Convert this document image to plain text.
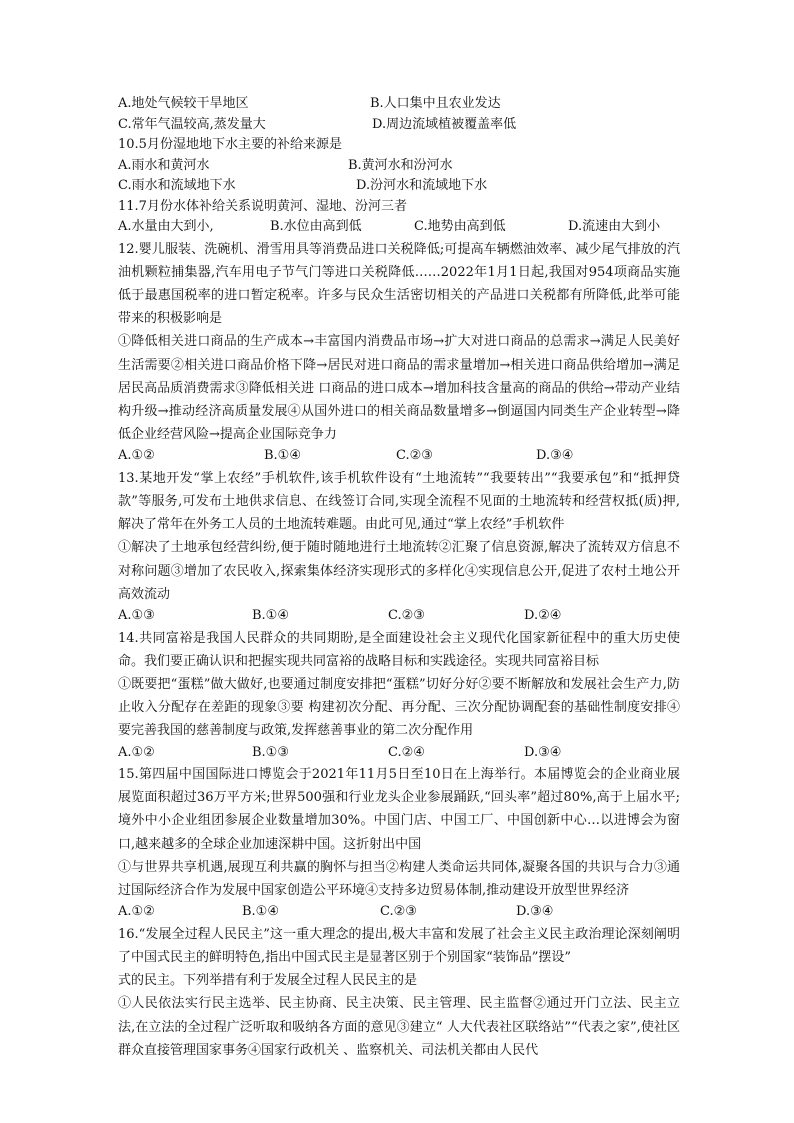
A.地处气候较干旱地区	B.人口集中且农业发达
C.常年气温较高,蒸发量大	D.周边流域植被覆盖率低
10.5月份湿地地下水主要的补给来源是
A.雨水和黄河水	B.黄河水和汾河水
C.雨水和流域地下水	D.汾河水和流域地下水
11.7月份水体补给关系说明黄河、湿地、汾河三者
A.水量由大到小,	B.水位由高到低	C.地势由高到低	D.流速由大到小
12.婴儿服装、洗碗机、滑雪用具等消费品进口关税降低;可提高车辆燃油效率、减少尾气排放的汽油机颗粒捕集器,汽车用电子节气门等进口关税降低……2022年1月1日起,我国对954项商品实施低于最惠国税率的进口暂定税率。许多与民众生活密切相关的产品进口关税都有所降低,此举可能带来的积极影响是
①降低相关进口商品的生产成本→丰富国内消费品市场→扩大对进口商品的总需求→满足人民美好生活需要②相关进口商品价格下降→居民对进口商品的需求量增加→相关进口商品供给增加→满足居民高品质消费需求③降低相关进 口商品的进口成本→增加科技含量高的商品的供给→带动产业结构升级→推动经济高质量发展④从国外进口的相关商品数量增多→倒逼国内同类生产企业转型→降低企业经营风险→提高企业国际竞争力
A.①②	B.①④	C.②③	D.③④
13.某地开发“掌上农经”手机软件,该手机软件设有“土地流转”“我要转出”“我要承包”和“抵押贷款”等服务,可发布土地供求信息、在线签订合同,实现全流程不见面的土地流转和经营权抵(质)押,解决了常年在外务工人员的土地流转难题。由此可见,通过“掌上农经”手机软件
①解决了土地承包经营纠纷,便于随时随地进行土地流转②汇聚了信息资源,解决了流转双方信息不对称问题③增加了农民收入,探索集体经济实现形式的多样化④实现信息公开,促进了农村土地公开高效流动
A.①③	B.①④	C.②③	D.②④
14.共同富裕是我国人民群众的共同期盼,是全面建设社会主义现代化国家新征程中的重大历史使命。我们要正确认识和把握实现共同富裕的战略目标和实践途径。实现共同富裕目标
①既要把“蛋糕”做大做好,也要通过制度安排把“蛋糕”切好分好②要不断解放和发展社会生产力,防止收入分配存在差距的现象③要 构建初次分配、再分配、三次分配协调配套的基础性制度安排④要完善我国的慈善制度与政策,发挥慈善事业的第二次分配作用
A.①②	B.①③	C.②④	D.③④
15.第四届中国国际进口博览会于2021年11月5日至10日在上海举行。本届博览会的企业商业展展览面积超过36万平方米;世界500强和行业龙头企业参展踊跃,“回头率”超过80%,高于上届水平;境外中小企业组团参展企业数量增加30%。中国门店、中国工厂、中国创新中心…以进博会为窗口,越来越多的全球企业加速深耕中国。这折射出中国
①与世界共享机遇,展现互利共赢的胸怀与担当②构建人类命运共同体,凝聚各国的共识与合力③通过国际经济合作为发展中国家创造公平环境④支持多边贸易体制,推动建设开放型世界经济
A.①②	B.①④	C.②③	D.③④
16.“发展全过程人民民主”这一重大理念的提出,极大丰富和发展了社会主义民主政治理论深刻阐明了中国式民主的鲜明特色,指出中国式民主是显著区别于个别国家“装饰品”摆设”
式的民主。下列举措有利于发展全过程人民民主的是
①人民依法实行民主选举、民主协商、民主决策、民主管理、民主监督②通过开门立法、民主立法,在立法的全过程广泛听取和吸纳各方面的意见③建立“ 人大代表社区联络站”“代表之家”,使社区群众直接管理国家事务④国家行政机关 、监察机关、司法机关都由人民代
